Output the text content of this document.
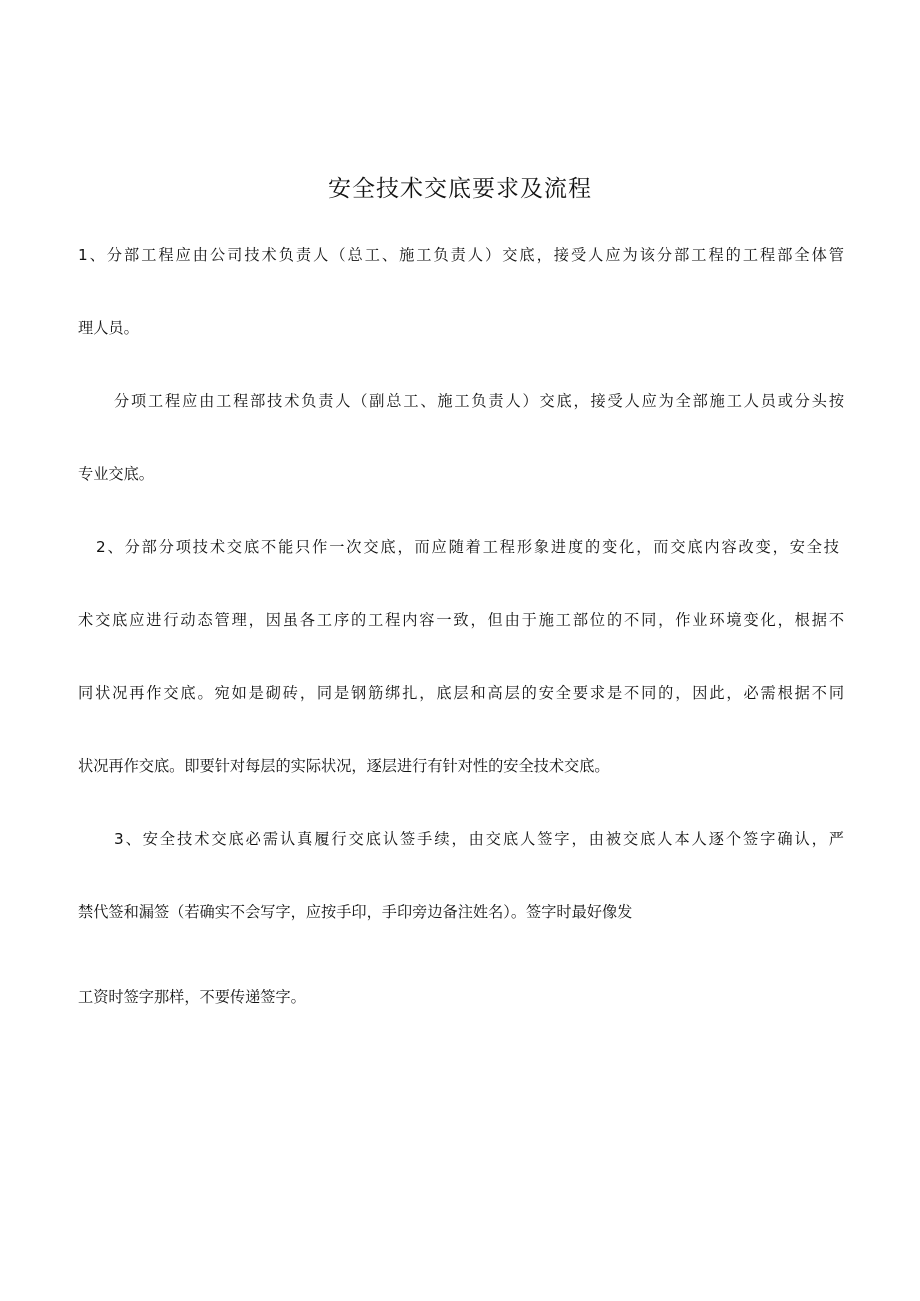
安全技术交底要求及流程

1、分部工程应由公司技术负责人（总工、施工负责人）交底，接受人应为该分部工程的工程部全体管

理人员。

分项工程应由工程部技术负责人（副总工、施工负责人）交底，接受人应为全部施工人员或分头按

专业交底。

2、分部分项技术交底不能只作一次交底，而应随着工程形象进度的变化，而交底内容改变，安全技

术交底应进行动态管理，因虽各工序的工程内容一致，但由于施工部位的不同，作业环境变化，根据不

同状况再作交底。宛如是砌砖，同是钢筋绑扎，底层和高层的安全要求是不同的，因此，必需根据不同

状况再作交底。即要针对每层的实际状况，逐层进行有针对性的安全技术交底。

3、安全技术交底必需认真履行交底认签手续，由交底人签字，由被交底人本人逐个签字确认，严

禁代签和漏签（若确实不会写字，应按手印，手印旁边备注姓名）。签字时最好像发

工资时签字那样，不要传递签字。
